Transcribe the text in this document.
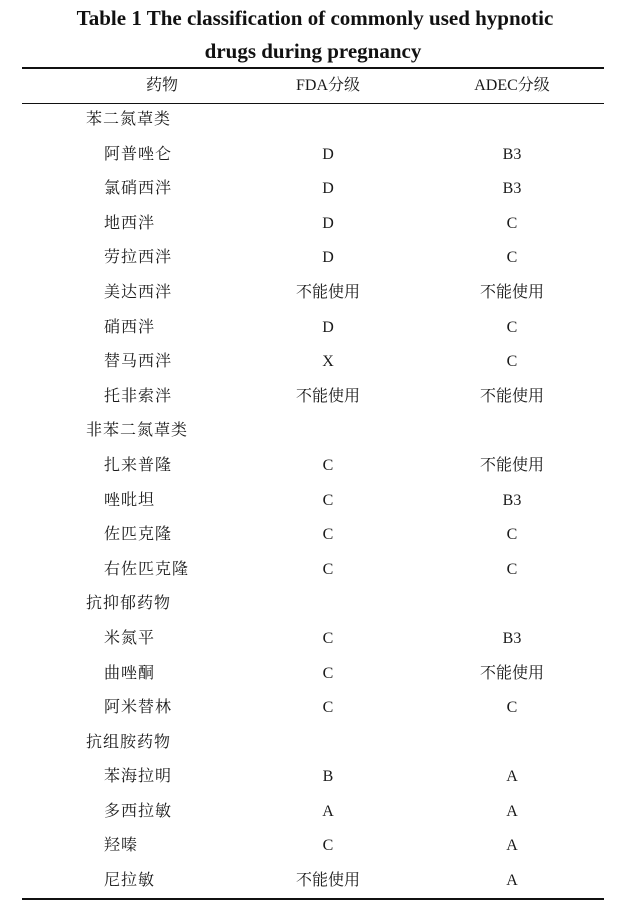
Table 1 The classification of commonly used hypnotic
drugs during pregnancy
药物	FDA分级	ADEC分级
苯二氮䓬类
阿普唑仑	D	B3
氯硝西泮	D	B3
地西泮	D	C
劳拉西泮	D	C
美达西泮	不能使用	不能使用
硝西泮	D	C
替马西泮	X	C
托非索泮	不能使用	不能使用
非苯二氮䓬类
扎来普隆	C	不能使用
唑吡坦	C	B3
佐匹克隆	C	C
右佐匹克隆	C	C
抗抑郁药物
米氮平	C	B3
曲唑酮	C	不能使用
阿米替林	C	C
抗组胺药物
苯海拉明	B	A
多西拉敏	A	A
羟嗪	C	A
尼拉敏	不能使用	A
